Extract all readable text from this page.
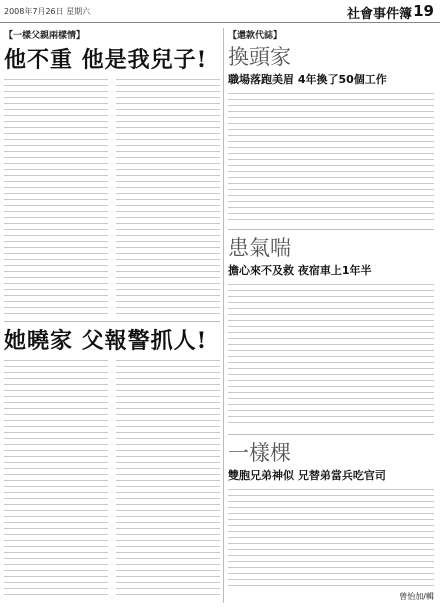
2008年7月26日 星期六	社會事件簿 19
【一樣父親兩樣情】
他不重 他是我兒子!
她曉家 父報警抓人!
【還款代誌】
換頭家
職場落跑美眉 4年換了50個工作
患氣喘
擔心來不及救 夜宿車上1年半
一樣棵
雙胞兄弟神似 兄替弟當兵吃官司
曾怡加/輯
